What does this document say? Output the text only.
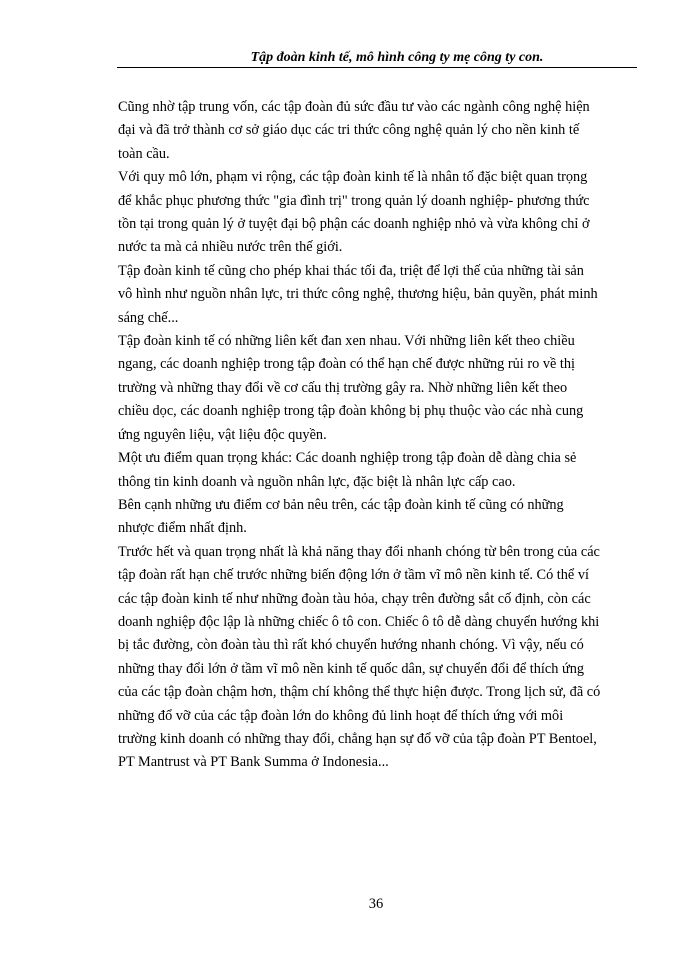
Tập đoàn kinh tế, mô hình công ty mẹ công ty con.

Cũng nhờ tập trung vốn, các tập đoàn đủ sức đầu tư vào các ngành công nghệ hiện
đại và đã trở thành cơ sở giáo dục các tri thức công nghệ quản lý cho nền kinh tế
toàn cầu.

Với quy mô lớn, phạm vi rộng, các tập đoàn kinh tế là nhân tố đặc biệt quan trọng
để khắc phục phương thức "gia đình trị" trong quản lý doanh nghiệp- phương thức
tồn tại trong quản lý ở tuyệt đại bộ phận các doanh nghiệp nhỏ và vừa không chỉ ở
nước ta mà cả nhiều nước trên thế giới.

Tập đoàn kinh tế cũng cho phép khai thác tối đa, triệt để lợi thế của những tài sản
vô hình như nguồn nhân lực, tri thức công nghệ, thương hiệu, bản quyền, phát minh
sáng chế...

Tập đoàn kinh tế có những liên kết đan xen nhau. Với những liên kết theo chiều
ngang, các doanh nghiệp trong tập đoàn có thể hạn chế được những rủi ro về thị
trường và những thay đổi về cơ cấu thị trường gây ra. Nhờ những liên kết theo
chiều dọc, các doanh nghiệp trong tập đoàn không bị phụ thuộc vào các nhà cung
ứng nguyên liệu, vật liệu độc quyền.

Một ưu điểm quan trọng khác: Các doanh nghiệp trong tập đoàn dễ dàng chia sẻ
thông tin kinh doanh và nguồn nhân lực, đặc biệt là nhân lực cấp cao.

Bên cạnh những ưu điểm cơ bản nêu trên, các tập đoàn kinh tế cũng có những
nhược điểm nhất định.

Trước hết và quan trọng nhất là khả năng thay đổi nhanh chóng từ bên trong của các
tập đoàn rất hạn chế trước những biến động lớn ở tầm vĩ mô nền kinh tế. Có thể ví
các tập đoàn kinh tế như những đoàn tàu hỏa, chạy trên đường sắt cố định, còn các
doanh nghiệp độc lập là những chiếc ô tô con. Chiếc ô tô dễ dàng chuyển hướng khi
bị tắc đường, còn đoàn tàu thì rất khó chuyển hướng nhanh chóng. Vì vậy, nếu có
những thay đổi lớn ở tầm vĩ mô nền kinh tế quốc dân, sự chuyển đổi để thích ứng
của các tập đoàn chậm hơn, thậm chí không thể thực hiện được. Trong lịch sử, đã có
những đổ vỡ của các tập đoàn lớn do không đủ linh hoạt để thích ứng với môi
trường kinh doanh có những thay đổi, chẳng hạn sự đổ vỡ của tập đoàn PT Bentoel,
PT Mantrust và PT Bank Summa ở Indonesia...

36
